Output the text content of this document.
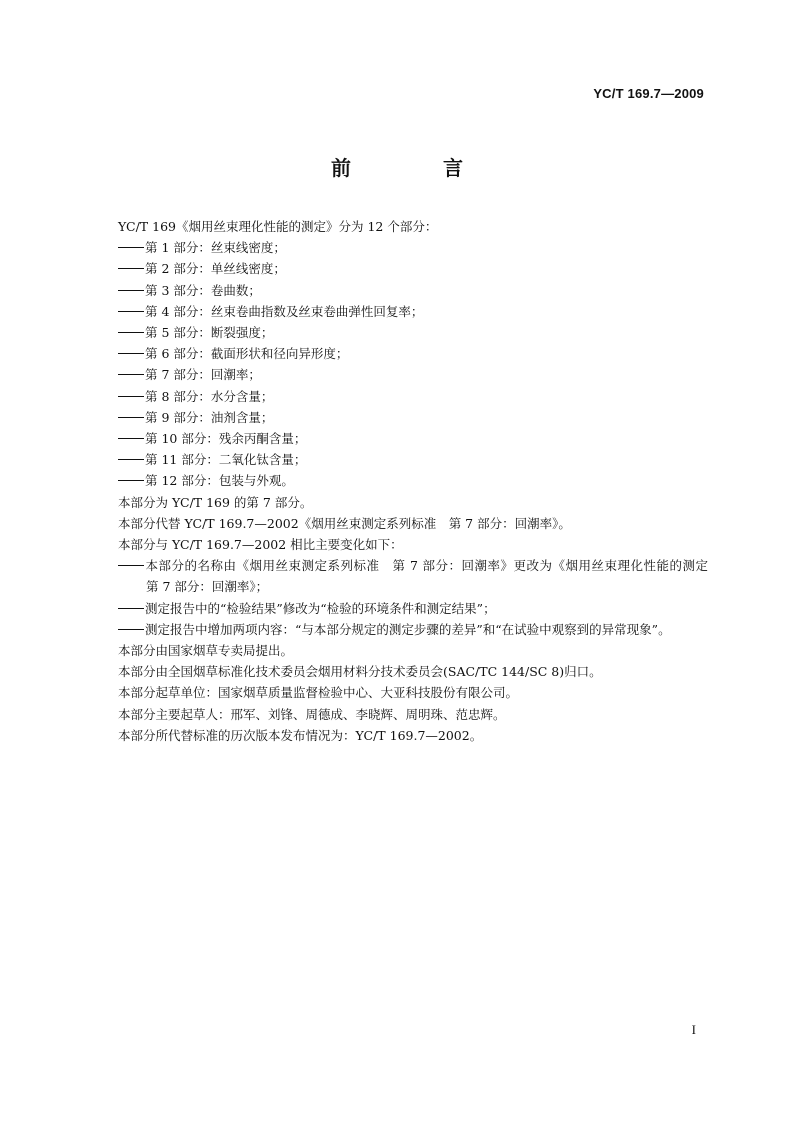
YC/T 169.7—2009
前　言

YC/T 169《烟用丝束理化性能的测定》分为 12 个部分：

第 1 部分：丝束线密度；

第 2 部分：单丝线密度；

第 3 部分：卷曲数；

第 4 部分：丝束卷曲指数及丝束卷曲弹性回复率；

第 5 部分：断裂强度；

第 6 部分：截面形状和径向异形度；

第 7 部分：回潮率；

第 8 部分：水分含量；

第 9 部分：油剂含量；

第 10 部分：残余丙酮含量；

第 11 部分：二氧化钛含量；

第 12 部分：包装与外观。

本部分为 YC/T 169 的第 7 部分。

本部分代替 YC/T 169.7—2002《烟用丝束测定系列标准　第 7 部分：回潮率》。

本部分与 YC/T 169.7—2002 相比主要变化如下：

本部分的名称由《烟用丝束测定系列标准　第 7 部分：回潮率》更改为《烟用丝束理化性能的测定　第 7 部分：回潮率》；

测定报告中的“检验结果”修改为“检验的环境条件和测定结果”；

测定报告中增加两项内容：“与本部分规定的测定步骤的差异”和“在试验中观察到的异常现象”。

本部分由国家烟草专卖局提出。

本部分由全国烟草标准化技术委员会烟用材料分技术委员会(SAC/TC 144/SC 8)归口。

本部分起草单位：国家烟草质量监督检验中心、大亚科技股份有限公司。

本部分主要起草人：邢军、刘锋、周德成、李晓辉、周明珠、范忠辉。

本部分所代替标准的历次版本发布情况为：YC/T 169.7—2002。

I
